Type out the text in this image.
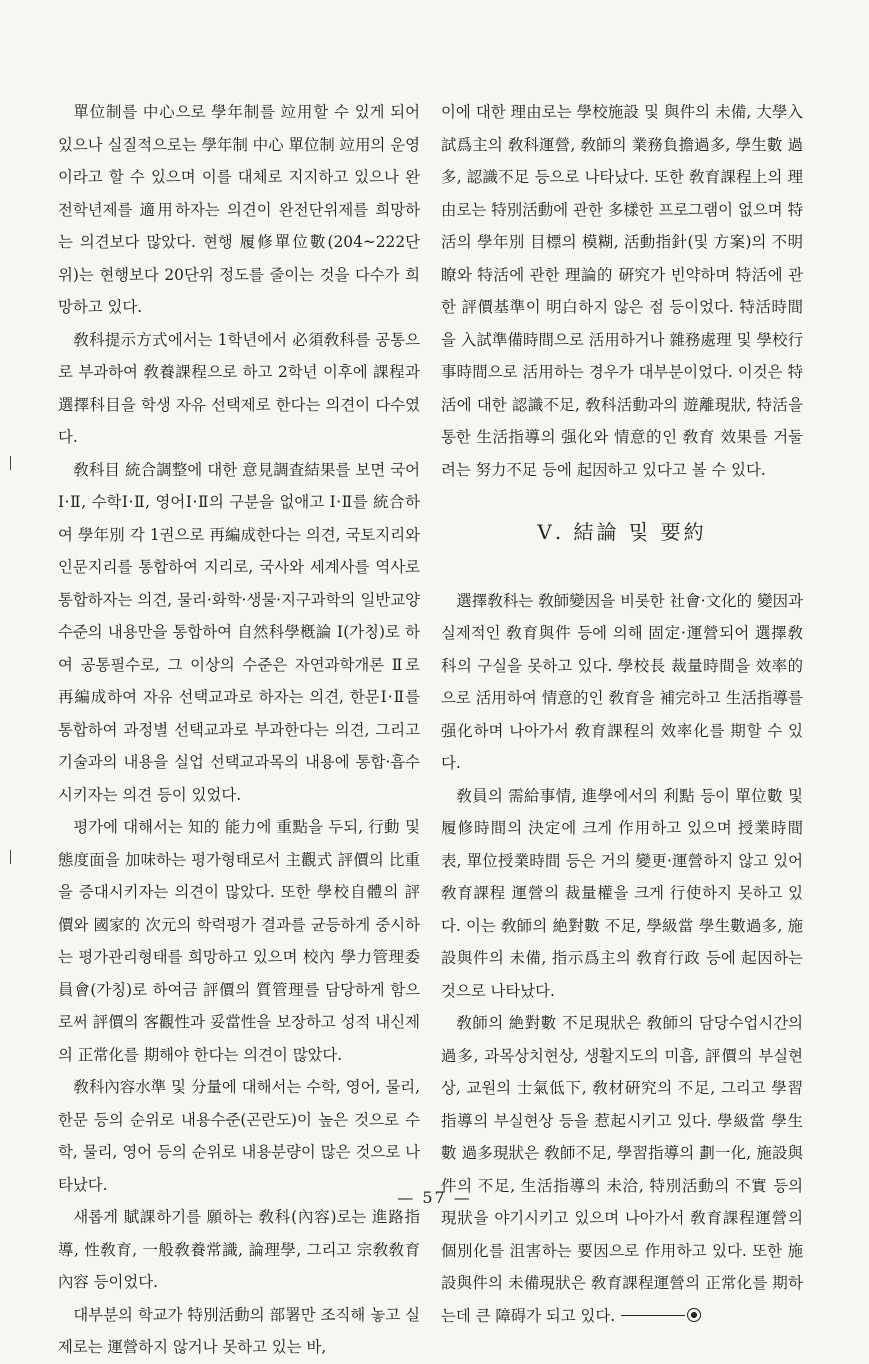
單位制를 中心으로 學年制를 竝用할 수 있게 되어 있으나 실질적으로는 學年制 中心 單位制 竝用의 운영이라고 할 수 있으며 이를 대체로 지지하고 있으나 완전학년제를 適用하자는 의견이 완전단위제를 희망하는 의견보다 많았다. 현행 履修單位數(204~222단위)는 현행보다 20단위 정도를 줄이는 것을 다수가 희망하고 있다.

敎科提示方式에서는 1학년에서 必須敎科를 공통으로 부과하여 敎養課程으로 하고 2학년 이후에 課程과 選擇科目을 학생 자유 선택제로 한다는 의견이 다수였다.

敎科目 統合調整에 대한 意見調査結果를 보면 국어Ⅰ·Ⅱ, 수학Ⅰ·Ⅱ, 영어Ⅰ·Ⅱ의 구분을 없애고 Ⅰ·Ⅱ를 統合하여 學年別 각 1권으로 再編成한다는 의견, 국토지리와 인문지리를 통합하여 지리로, 국사와 세계사를 역사로 통합하자는 의견, 물리·화학·생물·지구과학의 일반교양 수준의 내용만을 통합하여 自然科學槪論 Ⅰ(가칭)로 하여 공통필수로, 그 이상의 수준은 자연과학개론 Ⅱ로 再編成하여 자유 선택교과로 하자는 의견, 한문Ⅰ·Ⅱ를 통합하여 과정별 선택교과로 부과한다는 의견, 그리고 기술과의 내용을 실업 선택교과목의 내용에 통합·흡수시키자는 의견 등이 있었다.

평가에 대해서는 知的 能力에 重點을 두되, 行動 및 態度面을 加味하는 평가형태로서 主觀式 評價의 比重을 증대시키자는 의견이 많았다. 또한 學校自體의 評價와 國家的 次元의 학력평가 결과를 균등하게 중시하는 평가관리형태를 희망하고 있으며 校內 學力管理委員會(가칭)로 하여금 評價의 質管理를 담당하게 함으로써 評價의 客觀性과 妥當性을 보장하고 성적 내신제의 正常化를 期해야 한다는 의견이 많았다.

敎科內容水準 및 分量에 대해서는 수학, 영어, 물리, 한문 등의 순위로 내용수준(곤란도)이 높은 것으로 수학, 물리, 영어 등의 순위로 내용분량이 많은 것으로 나타났다.

새롭게 賦課하기를 願하는 敎科(內容)로는 進路指導, 性敎育, 一般敎養常識, 論理學, 그리고 宗敎敎育內容 등이었다.

대부분의 학교가 特別活動의 部署만 조직해 놓고 실제로는 運營하지 않거나 못하고 있는 바,

이에 대한 理由로는 學校施設 및 與件의 未備, 大學入試爲主의 敎科運營, 敎師의 業務負擔過多, 學生數 過多, 認識不足 등으로 나타났다. 또한 敎育課程上의 理由로는 特別活動에 관한 多樣한 프로그램이 없으며 特活의 學年別 目標의 模糊, 活動指針(및 方案)의 不明瞭와 特活에 관한 理論的 硏究가 빈약하며 特活에 관한 評價基準이 明白하지 않은 점 등이었다. 特活時間을 入試準備時間으로 活用하거나 雜務處理 및 學校行事時間으로 活用하는 경우가 대부분이었다. 이것은 特活에 대한 認識不足, 敎科活動과의 遊離現狀, 特活을 통한 生活指導의 强化와 情意的인 敎育 效果를 거둘려는 努力不足 등에 起因하고 있다고 볼 수 있다.

Ⅴ. 結論 및 要約

選擇敎科는 敎師變因을 비롯한 社會·文化的 變因과 실제적인 敎育與件 등에 의해 固定·運營되어 選擇敎科의 구실을 못하고 있다. 學校長 裁量時間을 效率的으로 活用하여 情意的인 敎育을 補完하고 生活指導를 强化하며 나아가서 敎育課程의 效率化를 期할 수 있다.

敎員의 需給事情, 進學에서의 利點 등이 單位數 및 履修時間의 決定에 크게 作用하고 있으며 授業時間表, 單位授業時間 등은 거의 變更·運營하지 않고 있어 敎育課程 運營의 裁量權을 크게 行使하지 못하고 있다. 이는 敎師의 絶對數 不足, 學級當 學生數過多, 施設與件의 未備, 指示爲主의 敎育行政 등에 起因하는 것으로 나타났다.

敎師의 絶對數 不足現狀은 敎師의 담당수업시간의 過多, 과목상치현상, 생활지도의 미흡, 評價의 부실현상, 교원의 士氣低下, 敎材硏究의 不足, 그리고 學習指導의 부실현상 등을 惹起시키고 있다. 學級當 學生數 過多現狀은 敎師不足, 學習指導의 劃一化, 施設與件의 不足, 生活指導의 未洽, 特別活動의 不實 등의 現狀을 야기시키고 있으며 나아가서 敎育課程運營의 個別化를 沮害하는 要因으로 作用하고 있다. 또한 施設與件의 未備現狀은 敎育課程運營의 正常化를 期하는데 큰 障碍가 되고 있다.

— 57 —
